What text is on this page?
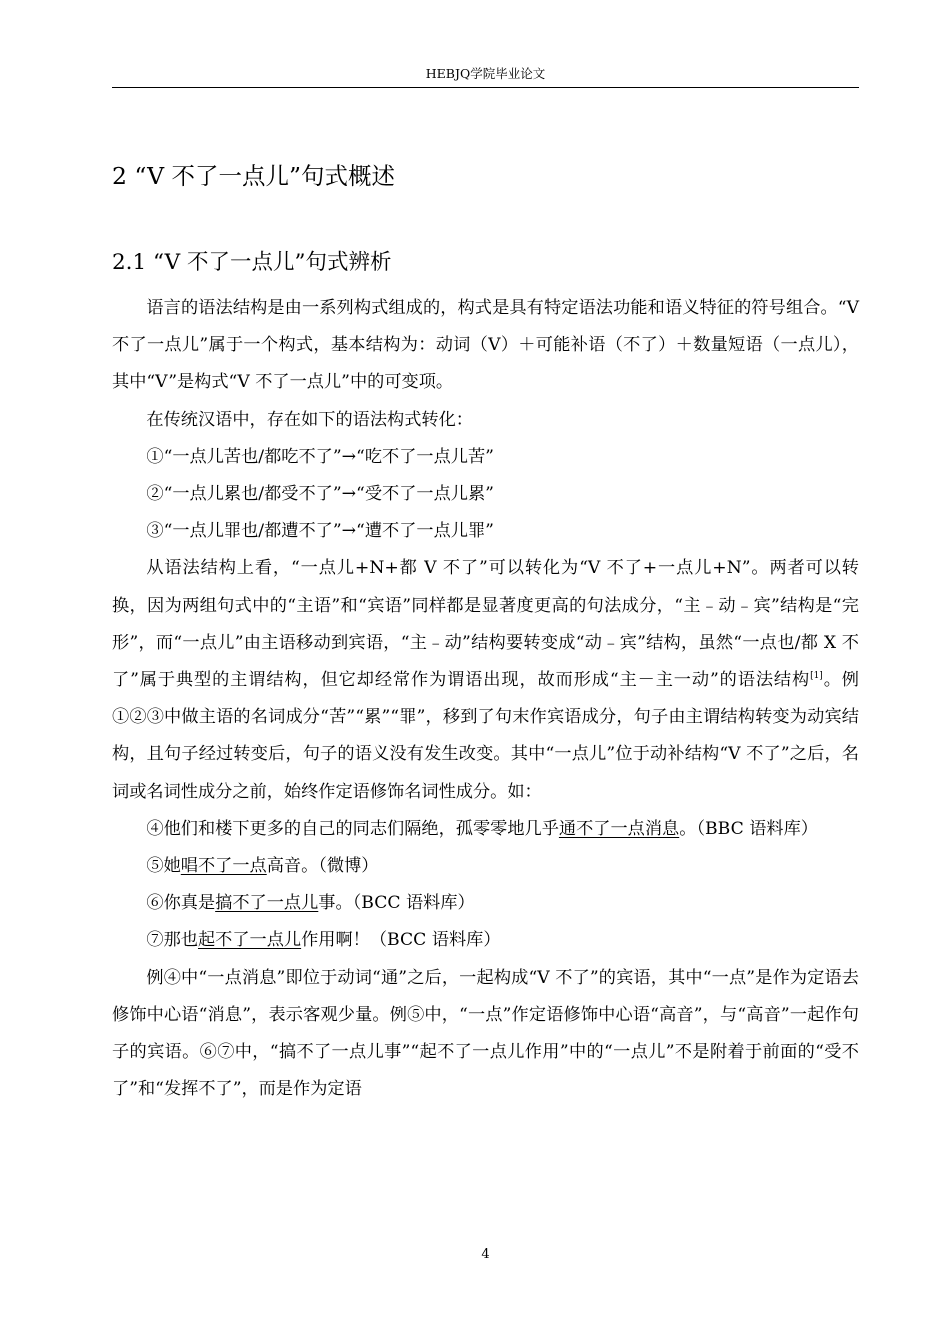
HEBJQ学院毕业论文
2 “V 不了一点儿”句式概述
2.1 “V 不了一点儿”句式辨析

语言的语法结构是由一系列构式组成的，构式是具有特定语法功能和语义特征的符号组合。“V 不了一点儿”属于一个构式，基本结构为：动词（V）＋可能补语（不了）＋数量短语（一点儿），其中“V”是构式“V 不了一点儿”中的可变项。

在传统汉语中，存在如下的语法构式转化：

①“一点儿苦也/都吃不了”→“吃不了一点儿苦”

②“一点儿累也/都受不了”→“受不了一点儿累”

③“一点儿罪也/都遭不了”→“遭不了一点儿罪”

从语法结构上看，“一点儿+N+都 V 不了”可以转化为“V 不了+一点儿+N”。两者可以转换，因为两组句式中的“主语”和“宾语”同样都是显著度更高的句法成分，“主﹣动﹣宾”结构是“完形”，而“一点儿”由主语移动到宾语，“主﹣动”结构要转变成“动﹣宾”结构，虽然“一点也/都 X 不了”属于典型的主谓结构，但它却经常作为谓语出现，故而形成“主－主一动”的语法结构[1]。例①②③中做主语的名词成分“苦”“累”“罪”，移到了句末作宾语成分，句子由主谓结构转变为动宾结构，且句子经过转变后，句子的语义没有发生改变。其中“一点儿”位于动补结构“V 不了”之后，名词或名词性成分之前，始终作定语修饰名词性成分。如：

④他们和楼下更多的自己的同志们隔绝，孤零零地几乎通不了一点消息。（BBC 语料库）

⑤她唱不了一点高音。（微博）

⑥你真是搞不了一点儿事。（BCC 语料库）

⑦那也起不了一点儿作用啊！（BCC 语料库）

例④中“一点消息”即位于动词“通”之后，一起构成“V 不了”的宾语，其中“一点”是作为定语去修饰中心语“消息”，表示客观少量。例⑤中，“一点”作定语修饰中心语“高音”，与“高音”一起作句子的宾语。⑥⑦中，“搞不了一点儿事”“起不了一点儿作用”中的“一点儿”不是附着于前面的“受不了”和“发挥不了”，而是作为定语

4
